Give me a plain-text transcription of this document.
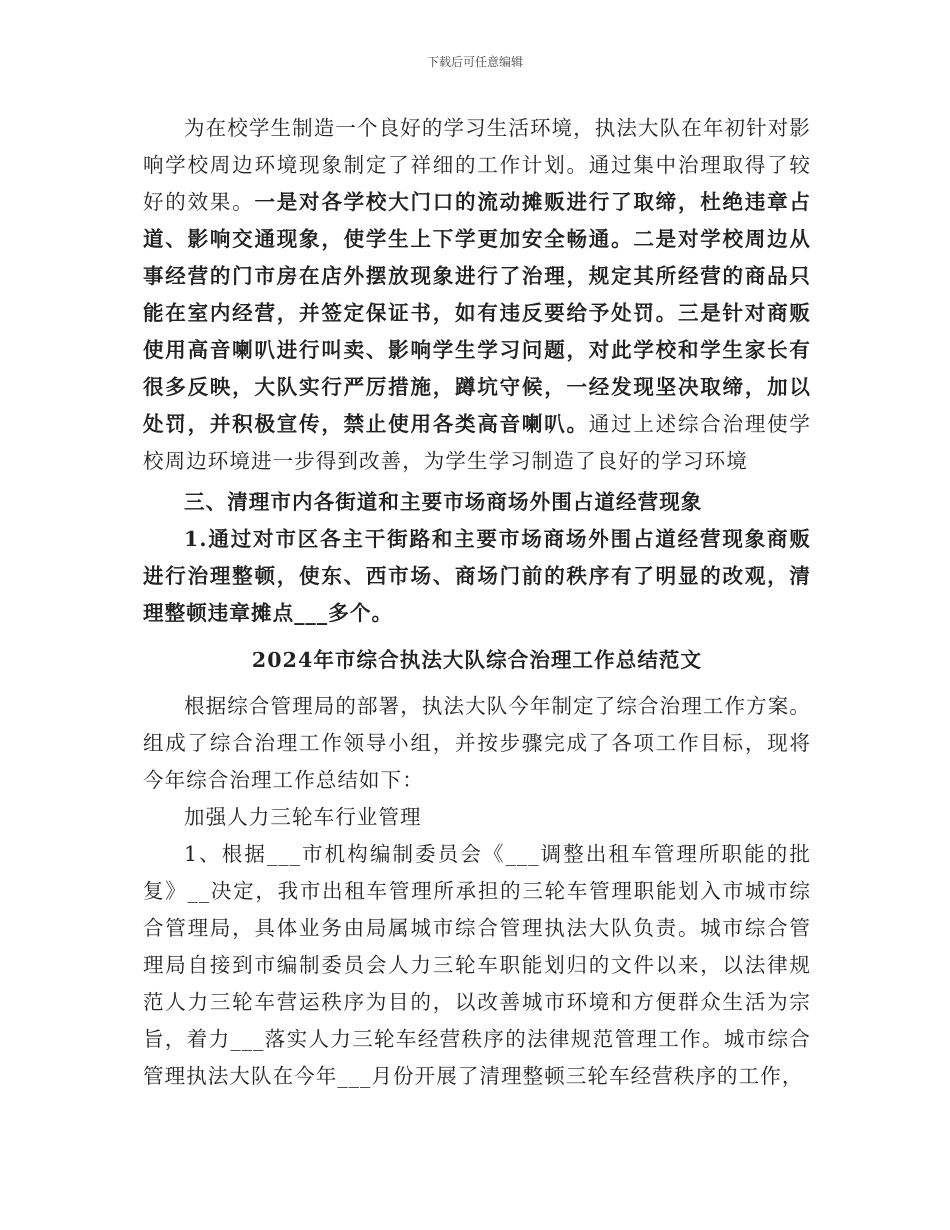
下载后可任意编辑

为在校学生制造一个良好的学习生活环境，执法大队在年初针对影响学校周边环境现象制定了祥细的工作计划。通过集中治理取得了较好的效果。一是对各学校大门口的流动摊贩进行了取缔，杜绝违章占道、影响交通现象，使学生上下学更加安全畅通。二是对学校周边从事经营的门市房在店外摆放现象进行了治理，规定其所经营的商品只能在室内经营，并签定保证书，如有违反要给予处罚。三是针对商贩使用高音喇叭进行叫卖、影响学生学习问题，对此学校和学生家长有很多反映，大队实行严厉措施，蹲坑守候，一经发现坚决取缔，加以处罚，并积极宣传，禁止使用各类高音喇叭。通过上述综合治理使学校周边环境进一步得到改善，为学生学习制造了良好的学习环境

三、清理市内各街道和主要市场商场外围占道经营现象

1.通过对市区各主干街路和主要市场商场外围占道经营现象商贩进行治理整顿，使东、西市场、商场门前的秩序有了明显的改观，清理整顿违章摊点___多个。

2024年市综合执法大队综合治理工作总结范文

根据综合管理局的部署，执法大队今年制定了综合治理工作方案。组成了综合治理工作领导小组，并按步骤完成了各项工作目标，现将今年综合治理工作总结如下：

加强人力三轮车行业管理

1、根据___市机构编制委员会《___调整出租车管理所职能的批复》__决定，我市出租车管理所承担的三轮车管理职能划入市城市综合管理局，具体业务由局属城市综合管理执法大队负责。城市综合管理局自接到市编制委员会人力三轮车职能划归的文件以来，以法律规范人力三轮车营运秩序为目的，以改善城市环境和方便群众生活为宗旨，着力___落实人力三轮车经营秩序的法律规范管理工作。城市综合管理执法大队在今年___月份开展了清理整顿三轮车经营秩序的工作，
